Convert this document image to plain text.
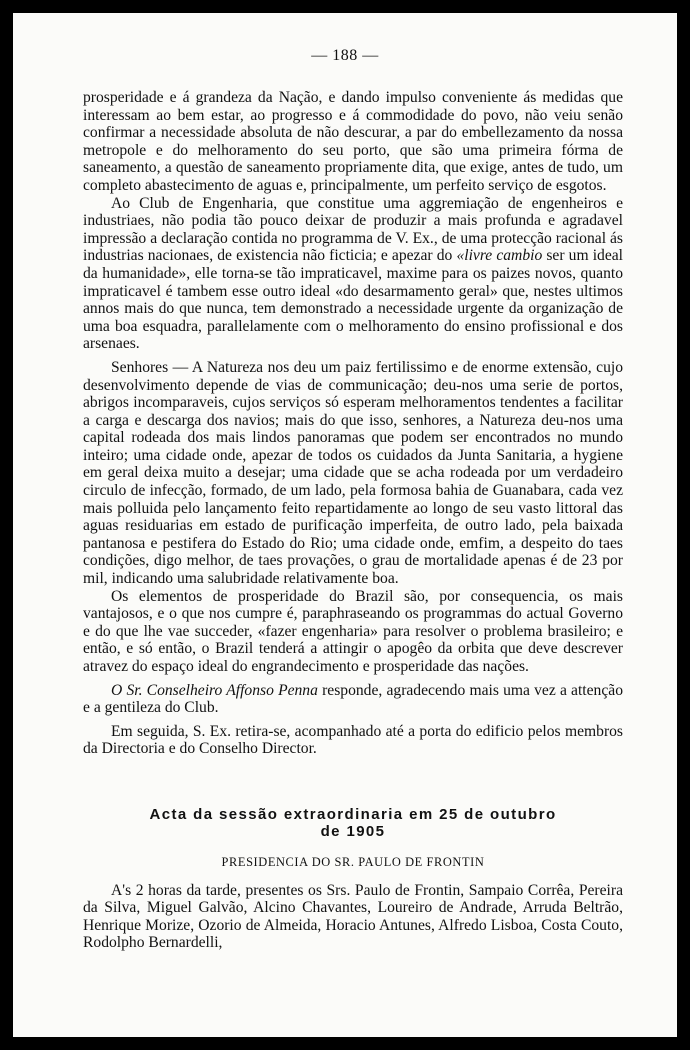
— 188 —

prosperidade e á grandeza da Nação, e dando impulso conveniente ás medidas que interessam ao bem estar, ao progresso e á commodidade do povo, não veiu senão confirmar a necessidade absoluta de não descurar, a par do embellezamento da nossa metropole e do melhoramento do seu porto, que são uma primeira fórma de saneamento, a questão de saneamento propriamente dita, que exige, antes de tudo, um completo abastecimento de aguas e, principalmente, um perfeito serviço de esgotos.

Ao Club de Engenharia, que constitue uma aggremiação de engenheiros e industriaes, não podia tão pouco deixar de produzir a mais profunda e agradavel impressão a declaração contida no programma de V. Ex., de uma protecção racional ás industrias nacionaes, de existencia não ficticia; e apezar do «livre cambio ser um ideal da humanidade», elle torna-se tão impraticavel, maxime para os paizes novos, quanto impraticavel é tambem esse outro ideal «do desarmamento geral» que, nestes ultimos annos mais do que nunca, tem demonstrado a necessidade urgente da organização de uma boa esquadra, parallelamente com o melhoramento do ensino profissional e dos arsenaes.

Senhores — A Natureza nos deu um paiz fertilissimo e de enorme extensão, cujo desenvolvimento depende de vias de communicação; deu-nos uma serie de portos, abrigos incomparaveis, cujos serviços só esperam melhoramentos tendentes a facilitar a carga e descarga dos navios; mais do que isso, senhores, a Natureza deu-nos uma capital rodeada dos mais lindos panoramas que podem ser encontrados no mundo inteiro; uma cidade onde, apezar de todos os cuidados da Junta Sanitaria, a hygiene em geral deixa muito a desejar; uma cidade que se acha rodeada por um verdadeiro circulo de infecção, formado, de um lado, pela formosa bahia de Guanabara, cada vez mais polluida pelo lançamento feito repartidamente ao longo de seu vasto littoral das aguas residuarias em estado de purificação imperfeita, de outro lado, pela baixada pantanosa e pestifera do Estado do Rio; uma cidade onde, emfim, a despeito do taes condições, digo melhor, de taes provações, o grau de mortalidade apenas é de 23 por mil, indicando uma salubridade relativamente boa.

Os elementos de prosperidade do Brazil são, por consequencia, os mais vantajosos, e o que nos cumpre é, paraphraseando os programmas do actual Governo e do que lhe vae succeder, «fazer engenharia» para resolver o problema brasileiro; e então, e só então, o Brazil tenderá a attingir o apogêo da orbita que deve descrever atravez do espaço ideal do engrandecimento e prosperidade das nações.

O Sr. Conselheiro Affonso Penna responde, agradecendo mais uma vez a attenção e a gentileza do Club.

Em seguida, S. Ex. retira-se, acompanhado até a porta do edificio pelos membros da Directoria e do Conselho Director.

Acta da sessão extraordinaria em 25 de outubro
de 1905
PRESIDENCIA DO SR. PAULO DE FRONTIN

A's 2 horas da tarde, presentes os Srs. Paulo de Frontin, Sampaio Corrêa, Pereira da Silva, Miguel Galvão, Alcino Chavantes, Loureiro de Andrade, Arruda Beltrão, Henrique Morize, Ozorio de Almeida, Horacio Antunes, Alfredo Lisboa, Costa Couto, Rodolpho Bernardelli,
